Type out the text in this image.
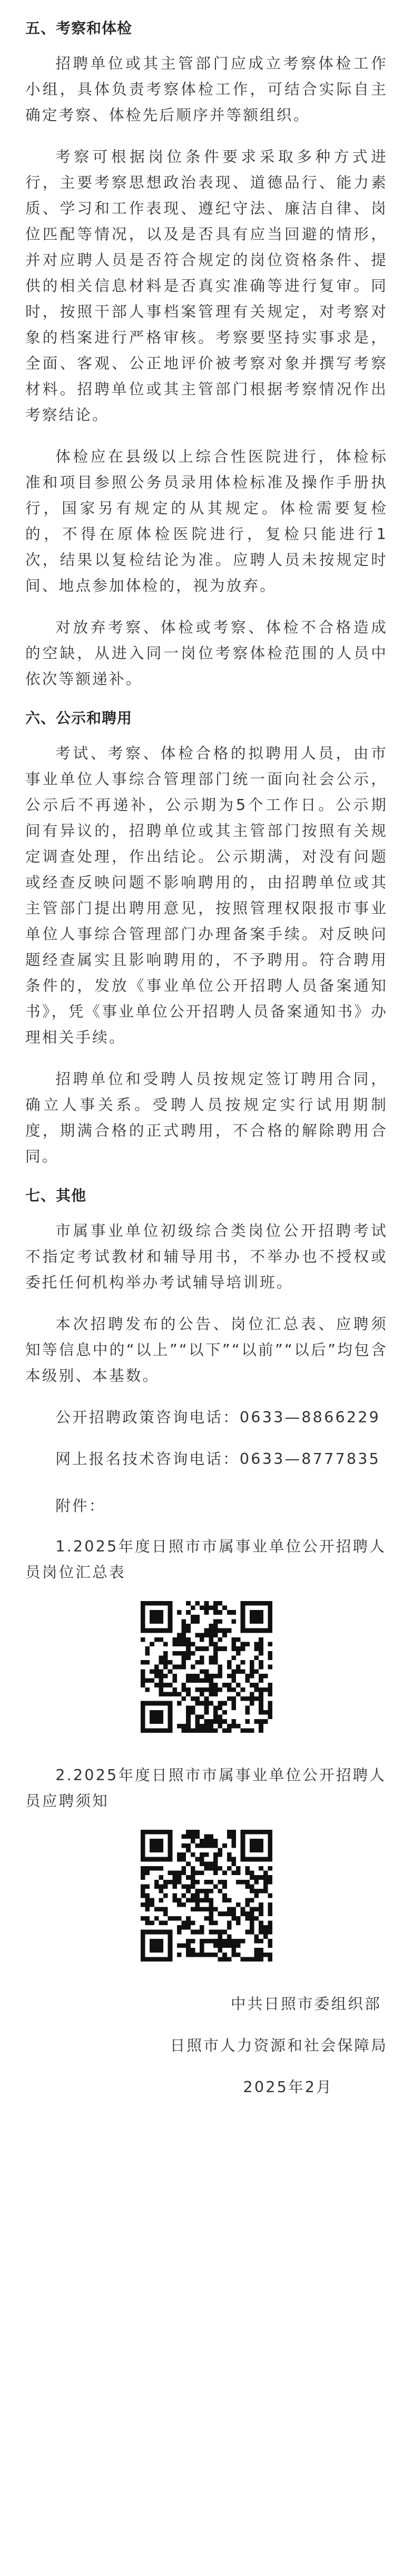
五、考察和体检

招聘单位或其主管部门应成立考察体检工作小组，具体负责考察体检工作，可结合实际自主确定考察、体检先后顺序并等额组织。

考察可根据岗位条件要求采取多种方式进行，主要考察思想政治表现、道德品行、能力素质、学习和工作表现、遵纪守法、廉洁自律、岗位匹配等情况，以及是否具有应当回避的情形，并对应聘人员是否符合规定的岗位资格条件、提供的相关信息材料是否真实准确等进行复审。同时，按照干部人事档案管理有关规定，对考察对象的档案进行严格审核。考察要坚持实事求是，全面、客观、公正地评价被考察对象并撰写考察材料。招聘单位或其主管部门根据考察情况作出考察结论。

体检应在县级以上综合性医院进行，体检标准和项目参照公务员录用体检标准及操作手册执行，国家另有规定的从其规定。体检需要复检的，不得在原体检医院进行，复检只能进行1次，结果以复检结论为准。应聘人员未按规定时间、地点参加体检的，视为放弃。

对放弃考察、体检或考察、体检不合格造成的空缺，从进入同一岗位考察体检范围的人员中依次等额递补。

六、公示和聘用

考试、考察、体检合格的拟聘用人员，由市事业单位人事综合管理部门统一面向社会公示，公示后不再递补，公示期为5个工作日。公示期间有异议的，招聘单位或其主管部门按照有关规定调查处理，作出结论。公示期满，对没有问题或经查反映问题不影响聘用的，由招聘单位或其主管部门提出聘用意见，按照管理权限报市事业单位人事综合管理部门办理备案手续。对反映问题经查属实且影响聘用的，不予聘用。符合聘用条件的，发放《事业单位公开招聘人员备案通知书》，凭《事业单位公开招聘人员备案通知书》办理相关手续。

招聘单位和受聘人员按规定签订聘用合同，确立人事关系。受聘人员按规定实行试用期制度，期满合格的正式聘用，不合格的解除聘用合同。

七、其他

市属事业单位初级综合类岗位公开招聘考试不指定考试教材和辅导用书，不举办也不授权或委托任何机构举办考试辅导培训班。

本次招聘发布的公告、岗位汇总表、应聘须知等信息中的“以上”“以下”“以前”“以后”均包含本级别、本基数。

公开招聘政策咨询电话：0633—8866229

网上报名技术咨询电话：0633—8777835

附件：
1.2025年度日照市市属事业单位公开招聘人员岗位汇总表
2.2025年度日照市市属事业单位公开招聘人员应聘须知
中共日照市委组织部
日照市人力资源和社会保障局
2025年2月
